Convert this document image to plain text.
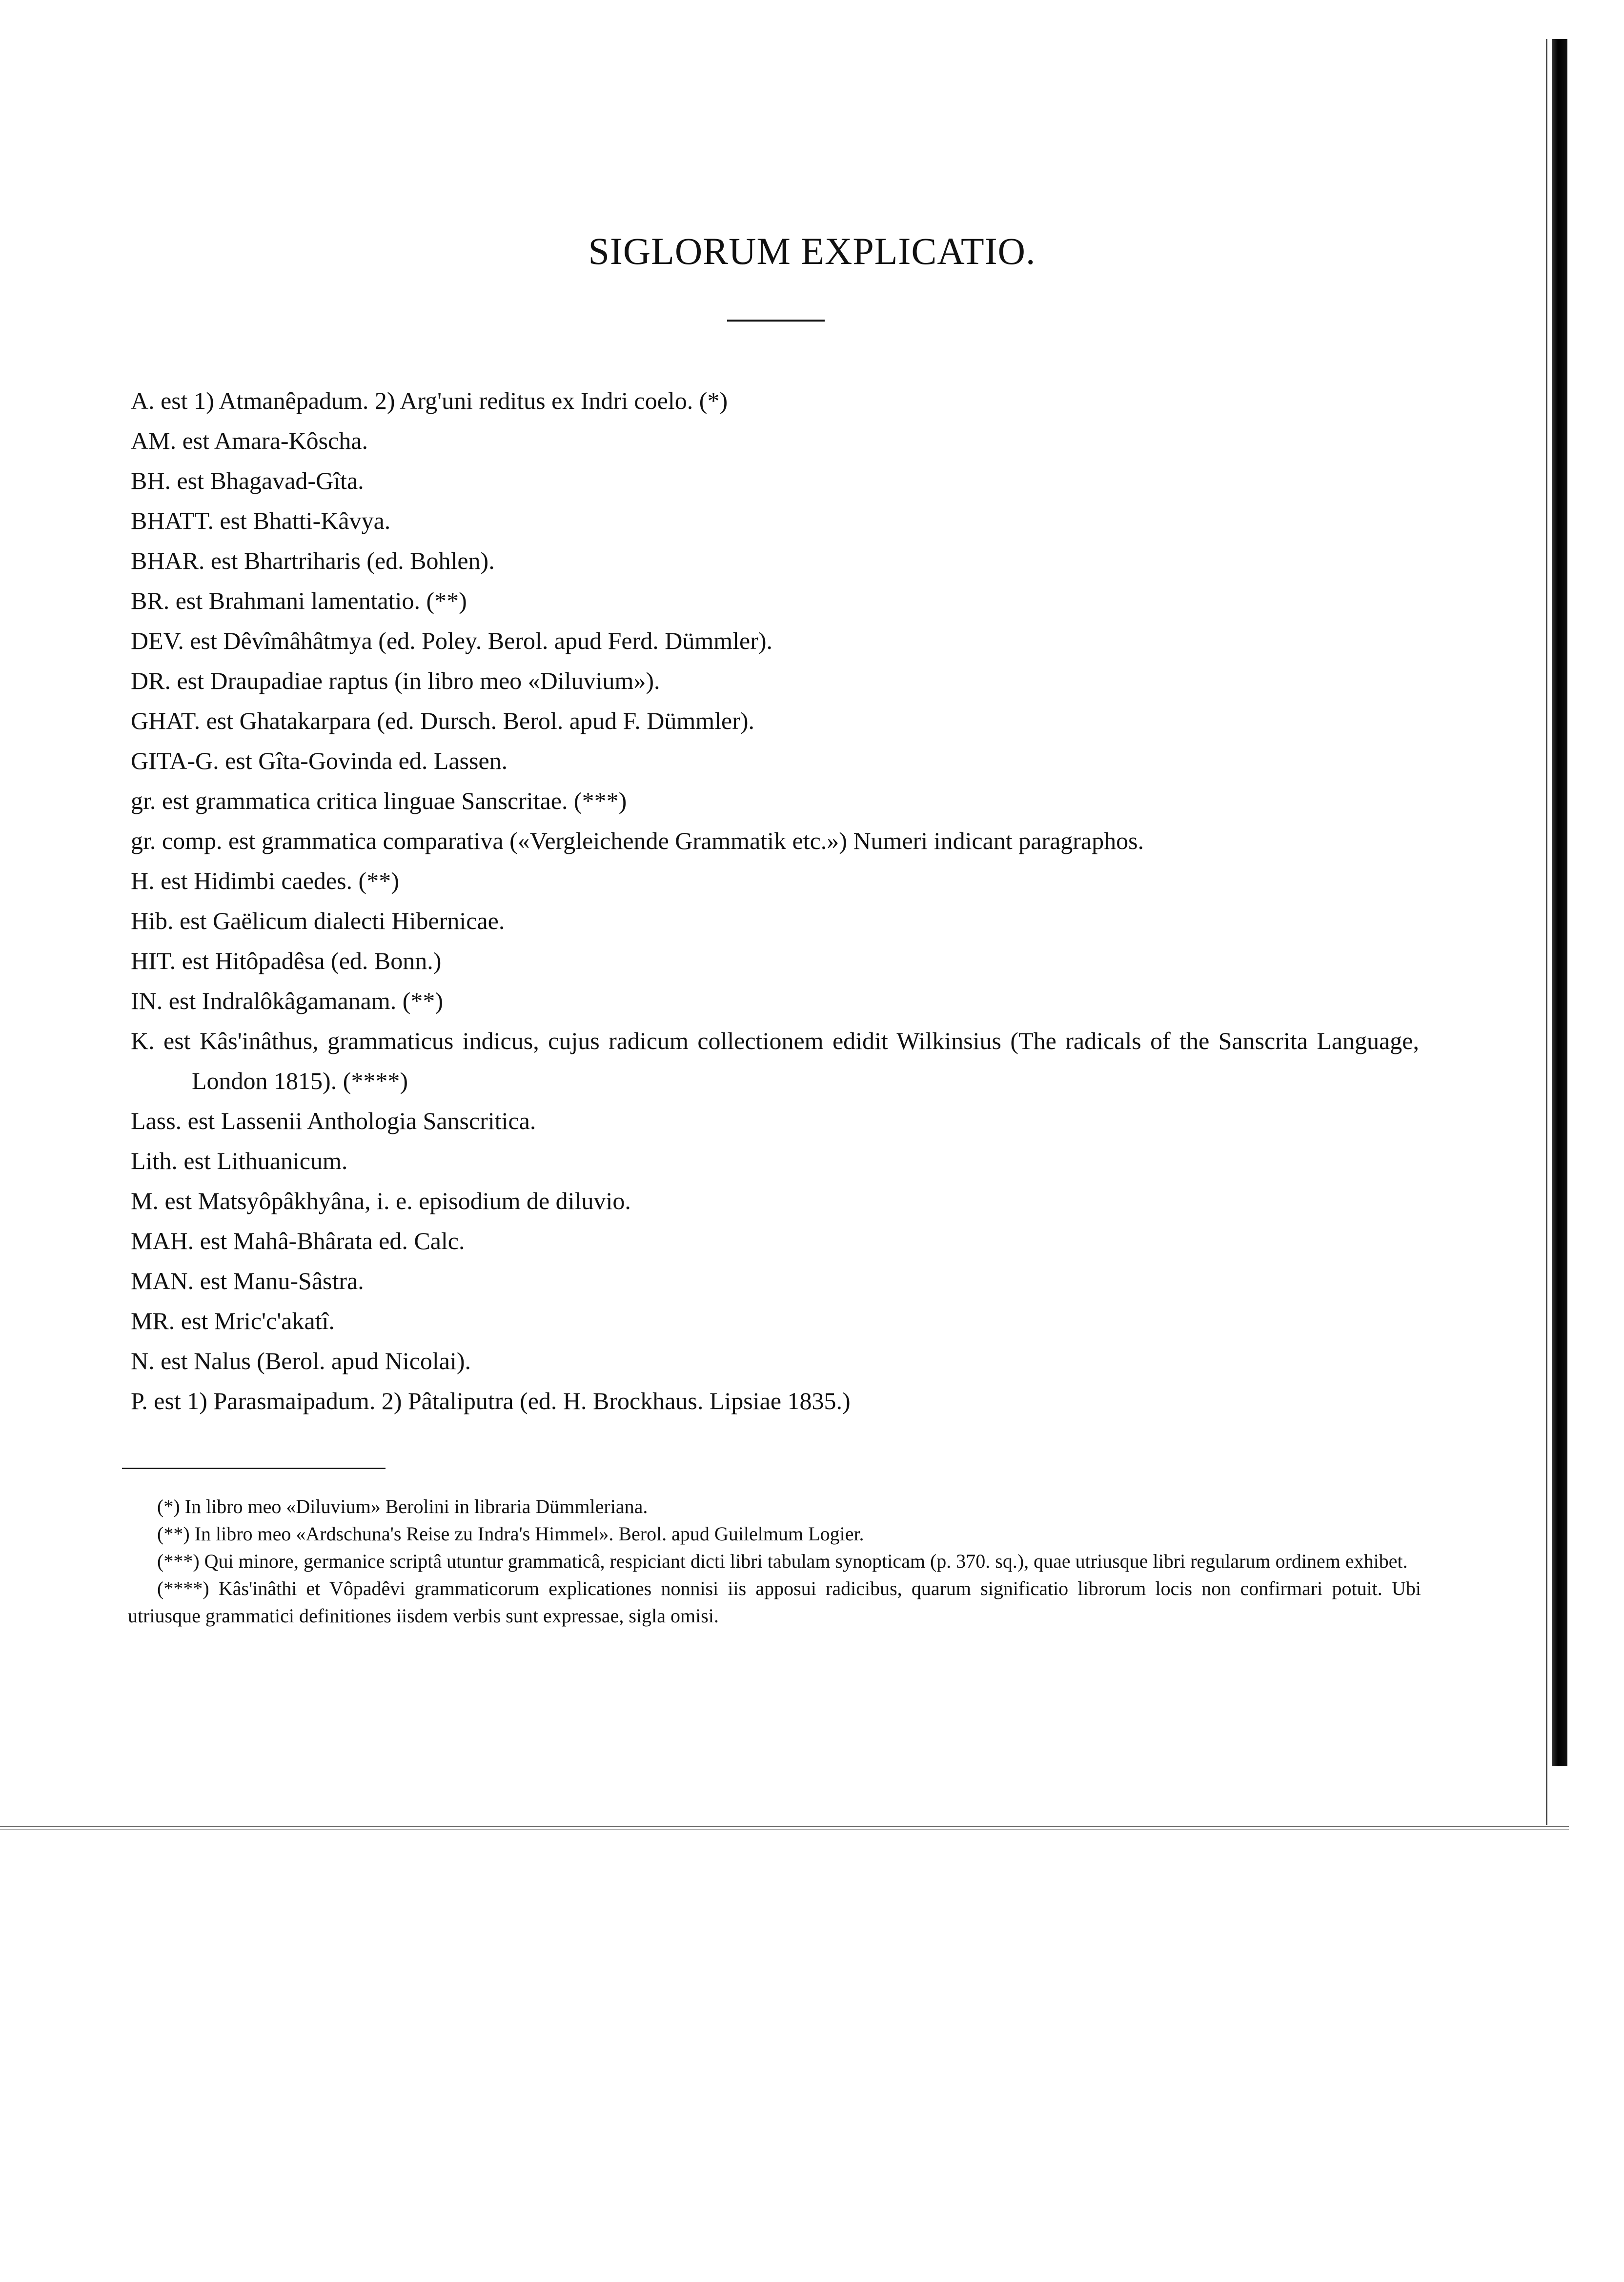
SIGLORUM EXPLICATIO.
A. est 1) Atmanêpadum. 2) Arg'uni reditus ex Indri coelo. (*)
AM. est Amara-Kôscha.
BH. est Bhagavad-Gîta.
BHATT. est Bhatti-Kâvya.
BHAR. est Bhartriharis (ed. Bohlen).
BR. est Brahmani lamentatio. (**)
DEV. est Dêvîmâhâtmya (ed. Poley. Berol. apud Ferd. Dümmler).
DR. est Draupadiae raptus (in libro meo «Diluvium»).
GHAT. est Ghatakarpara (ed. Dursch. Berol. apud F. Dümmler).
GITA-G. est Gîta-Govinda ed. Lassen.
gr. est grammatica critica linguae Sanscritae. (***)
gr. comp. est grammatica comparativa («Vergleichende Grammatik etc.») Numeri indicant paragraphos.
H. est Hidimbi caedes. (**)
Hib. est Gaëlicum dialecti Hibernicae.
HIT. est Hitôpadêsa (ed. Bonn.)
IN. est Indralôkâgamanam. (**)
K. est Kâs'inâthus, grammaticus indicus, cujus radicum collectionem edidit Wilkinsius (The radicals of the Sanscrita Language, London 1815). (****)
Lass. est Lassenii Anthologia Sanscritica.
Lith. est Lithuanicum.
M. est Matsyôpâkhyâna, i. e. episodium de diluvio.
MAH. est Mahâ-Bhârata ed. Calc.
MAN. est Manu-Sâstra.
MR. est Mric'c'akatî.
N. est Nalus (Berol. apud Nicolai).
P. est 1) Parasmaipadum. 2) Pâtaliputra (ed. H. Brockhaus. Lipsiae 1835.)

(*) In libro meo «Diluvium» Berolini in libraria Dümmleriana.

(**) In libro meo «Ardschuna's Reise zu Indra's Himmel». Berol. apud Guilelmum Logier.

(***) Qui minore, germanice scriptâ utuntur grammaticâ, respiciant dicti libri tabulam synopticam (p. 370. sq.), quae utriusque libri regularum ordinem exhibet.

(****) Kâs'inâthi et Vôpadêvi grammaticorum explicationes nonnisi iis apposui radicibus, quarum significatio librorum locis non confirmari potuit. Ubi utriusque grammatici definitiones iisdem verbis sunt expressae, sigla omisi.
